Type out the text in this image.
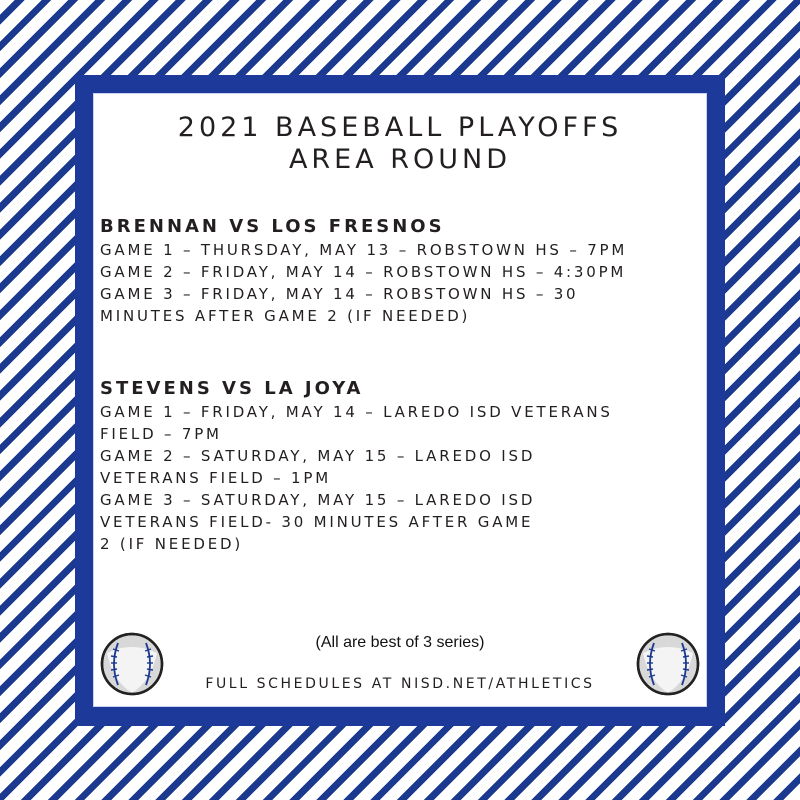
2021 BASEBALL PLAYOFFS
AREA ROUND
BRENNAN VS LOS FRESNOS

GAME 1 – THURSDAY, MAY 13 – ROBSTOWN HS – 7PM

GAME 2 – FRIDAY, MAY 14 – ROBSTOWN HS – 4:30PM

GAME 3 – FRIDAY, MAY 14 – ROBSTOWN HS – 30

MINUTES AFTER GAME 2 (IF NEEDED)

STEVENS VS LA JOYA

GAME 1 – FRIDAY, MAY 14 – LAREDO ISD VETERANS

FIELD – 7PM

GAME 2 – SATURDAY, MAY 15 – LAREDO ISD

VETERANS FIELD – 1PM

GAME 3 – SATURDAY, MAY 15 – LAREDO ISD

VETERANS FIELD- 30 MINUTES AFTER GAME

2 (IF NEEDED)

(All are best of 3 series)
FULL SCHEDULES AT NISD.NET/ATHLETICS
